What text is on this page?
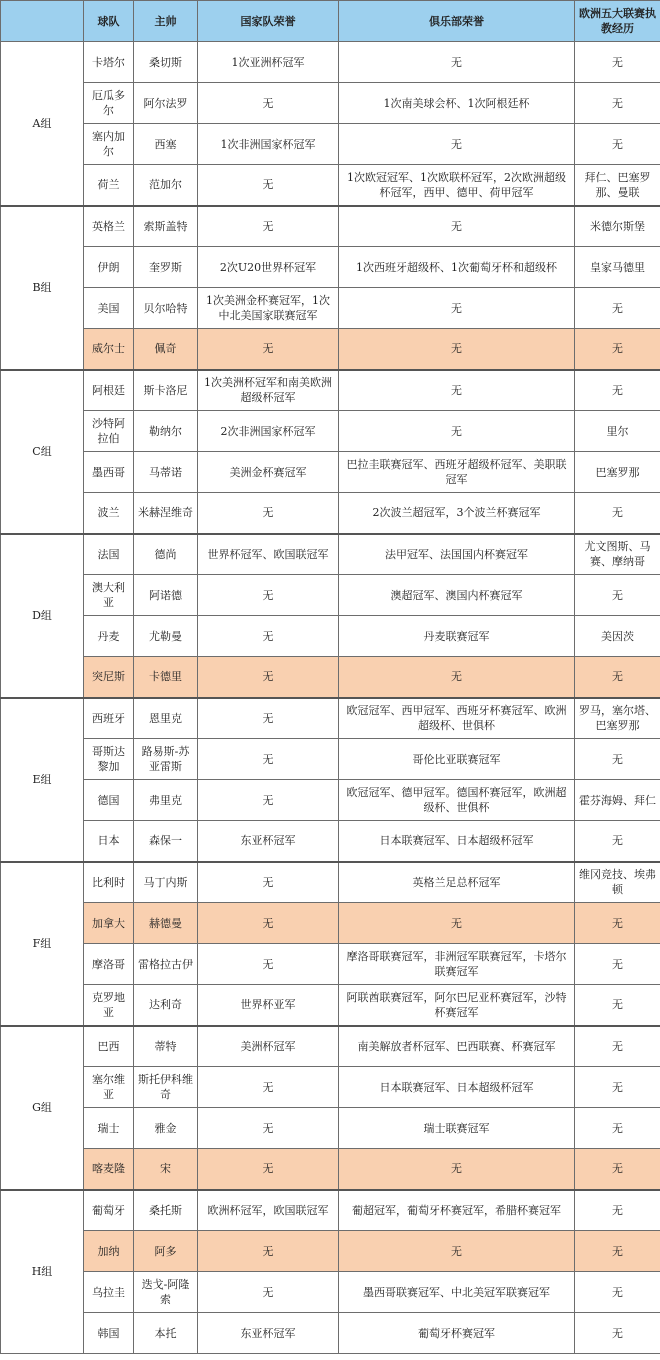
	球队	主帅	国家队荣誉	俱乐部荣誉	欧洲五大联赛执教经历
A组	卡塔尔	桑切斯	1次亚洲杯冠军	无	无
	厄瓜多尔	阿尔法罗	无	1次南美球会杯、1次阿根廷杯	无
	塞内加尔	西塞	1次非洲国家杯冠军	无	无
	荷兰	范加尔	无	1次欧冠冠军、1次欧联杯冠军，2次欧洲超级杯冠军，西甲、德甲、荷甲冠军	拜仁、巴塞罗那、曼联
B组	英格兰	索斯盖特	无	无	米德尔斯堡
	伊朗	奎罗斯	2次U20世界杯冠军	1次西班牙超级杯、1次葡萄牙杯和超级杯	皇家马德里
	美国	贝尔哈特	1次美洲金杯赛冠军，1次中北美国家联赛冠军	无	无
	威尔士	佩奇	无	无	无
C组	阿根廷	斯卡洛尼	1次美洲杯冠军和南美欧洲超级杯冠军	无	无
	沙特阿拉伯	勒纳尔	2次非洲国家杯冠军	无	里尔
	墨西哥	马蒂诺	美洲金杯赛冠军	巴拉圭联赛冠军、西班牙超级杯冠军、美职联冠军	巴塞罗那
	波兰	米赫涅维奇	无	2次波兰超冠军，3个波兰杯赛冠军	无
D组	法国	德尚	世界杯冠军、欧国联冠军	法甲冠军、法国国内杯赛冠军	尤文图斯、马赛、摩纳哥
	澳大利亚	阿诺德	无	澳超冠军、澳国内杯赛冠军	无
	丹麦	尤勒曼	无	丹麦联赛冠军	美因茨
	突尼斯	卡德里	无	无	无
E组	西班牙	恩里克	无	欧冠冠军、西甲冠军、西班牙杯赛冠军、欧洲超级杯、世俱杯	罗马，塞尔塔、巴塞罗那
	哥斯达黎加	路易斯-苏亚雷斯	无	哥伦比亚联赛冠军	无
	德国	弗里克	无	欧冠冠军、德甲冠军。德国杯赛冠军，欧洲超级杯、世俱杯	霍芬海姆、拜仁
	日本	森保一	东亚杯冠军	日本联赛冠军、日本超级杯冠军	无
F组	比利时	马丁内斯	无	英格兰足总杯冠军	维冈竞技、埃弗顿
	加拿大	赫德曼	无	无	无
	摩洛哥	雷格拉古伊	无	摩洛哥联赛冠军，非洲冠军联赛冠军，卡塔尔联赛冠军	无
	克罗地亚	达利奇	世界杯亚军	阿联酋联赛冠军，阿尔巴尼亚杯赛冠军，沙特杯赛冠军	无
G组	巴西	蒂特	美洲杯冠军	南美解放者杯冠军、巴西联赛、杯赛冠军	无
	塞尔维亚	斯托伊科维奇	无	日本联赛冠军、日本超级杯冠军	无
	瑞士	雅金	无	瑞士联赛冠军	无
	喀麦隆	宋	无	无	无
H组	葡萄牙	桑托斯	欧洲杯冠军，欧国联冠军	葡超冠军，葡萄牙杯赛冠军，希腊杯赛冠军	无
	加纳	阿多	无	无	无
	乌拉圭	迭戈-阿隆索	无	墨西哥联赛冠军、中北美冠军联赛冠军	无
	韩国	本托	东亚杯冠军	葡萄牙杯赛冠军	无
